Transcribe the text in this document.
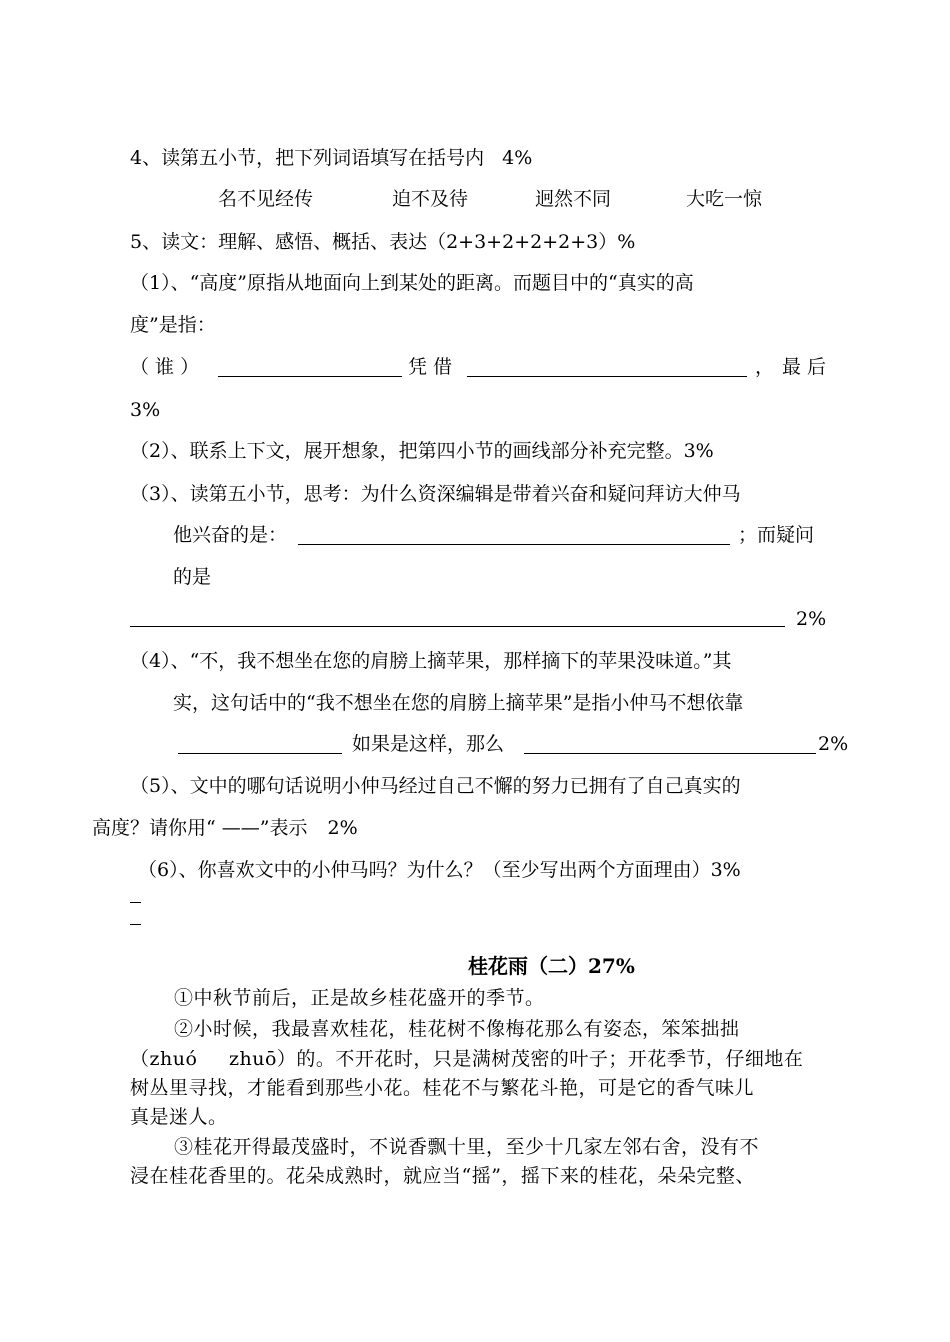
4、读第五小节，把下列词语填写在括号内 4%
名不见经传	迫不及待	迥然不同	大吃一惊
5、读文：理解、感悟、概括、表达（2+3+2+2+2+3）%
（1）、“高度”原指从地面向上到某处的距离。而题目中的“真实的高
度”是指：
（ 谁 ）	凭 借	， 最 后
3%
（2）、联系上下文，展开想象，把第四小节的画线部分补充完整。3%
（3）、读第五小节，思考：为什么资深编辑是带着兴奋和疑问拜访大仲马
他兴奋的是：	；而疑问
的是
2%
（4）、“不，我不想坐在您的肩膀上摘苹果，那样摘下的苹果没味道。”其
实，这句话中的“我不想坐在您的肩膀上摘苹果”是指小仲马不想依靠
如果是这样，那么	2%
（5）、文中的哪句话说明小仲马经过自己不懈的努力已拥有了自己真实的
高度？请你用“ ——”表示 2%
（6）、你喜欢文中的小仲马吗？为什么？（至少写出两个方面理由）3%
桂花雨（二）27%
①中秋节前后，正是故乡桂花盛开的季节。
②小时候，我最喜欢桂花，桂花树不像梅花那么有姿态，笨笨拙拙
（zhuó zhuō）的。不开花时，只是满树茂密的叶子；开花季节，仔细地在
树丛里寻找，才能看到那些小花。桂花不与繁花斗艳，可是它的香气味儿
真是迷人。
③桂花开得最茂盛时，不说香飘十里，至少十几家左邻右舍，没有不
浸在桂花香里的。花朵成熟时，就应当“摇”，摇下来的桂花，朵朵完整、
